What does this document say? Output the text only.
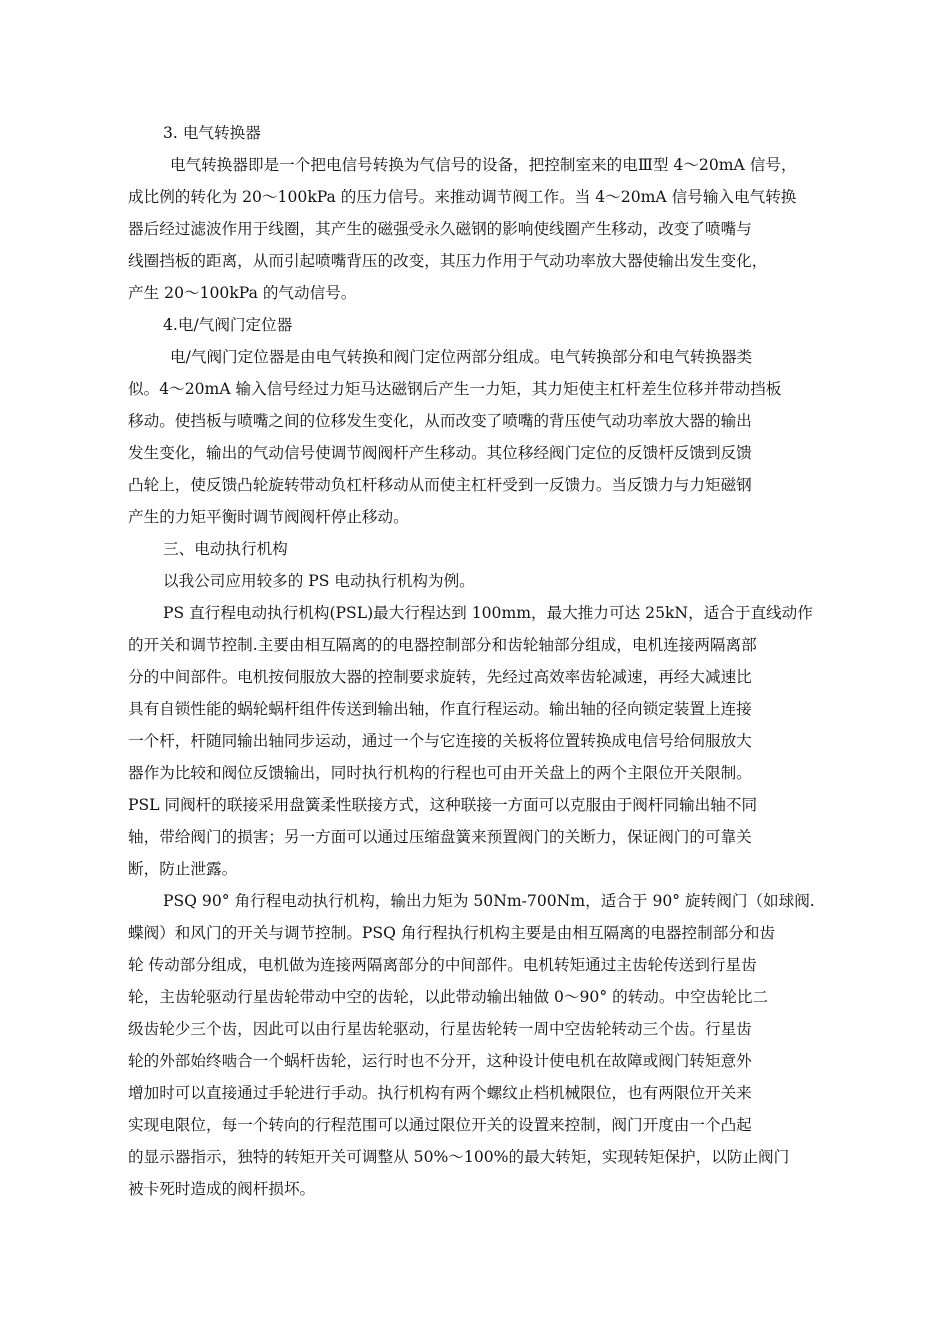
3. 电气转换器
电气转换器即是一个把电信号转换为气信号的设备，把控制室来的电Ⅲ型 4～20mA 信号，
成比例的转化为 20～100kPa 的压力信号。来推动调节阀工作。当 4～20mA 信号输入电气转换
器后经过滤波作用于线圈，其产生的磁强受永久磁钢的影响使线圈产生移动，改变了喷嘴与
线圈挡板的距离，从而引起喷嘴背压的改变，其压力作用于气动功率放大器使输出发生变化，
产生 20～100kPa 的气动信号。
4.电/气阀门定位器
电/气阀门定位器是由电气转换和阀门定位两部分组成。电气转换部分和电气转换器类
似。4～20mA 输入信号经过力矩马达磁钢后产生一力矩，其力矩使主杠杆差生位移并带动挡板
移动。使挡板与喷嘴之间的位移发生变化，从而改变了喷嘴的背压使气动功率放大器的输出
发生变化，输出的气动信号使调节阀阀杆产生移动。其位移经阀门定位的反馈杆反馈到反馈
凸轮上，使反馈凸轮旋转带动负杠杆移动从而使主杠杆受到一反馈力。当反馈力与力矩磁钢
产生的力矩平衡时调节阀阀杆停止移动。
三、电动执行机构
以我公司应用较多的 PS 电动执行机构为例。
PS 直行程电动执行机构(PSL)最大行程达到 100mm，最大推力可达 25kN，适合于直线动作
的开关和调节控制.主要由相互隔离的的电器控制部分和齿轮轴部分组成，电机连接两隔离部
分的中间部件。电机按伺服放大器的控制要求旋转，先经过高效率齿轮减速，再经大减速比
具有自锁性能的蜗轮蜗杆组件传送到输出轴，作直行程运动。输出轴的径向锁定装置上连接
一个杆，杆随同输出轴同步运动，通过一个与它连接的关板将位置转换成电信号给伺服放大
器作为比较和阀位反馈输出，同时执行机构的行程也可由开关盘上的两个主限位开关限制。
PSL 同阀杆的联接采用盘簧柔性联接方式，这种联接一方面可以克服由于阀杆同输出轴不同
轴，带给阀门的损害；另一方面可以通过压缩盘簧来预置阀门的关断力，保证阀门的可靠关
断，防止泄露。
PSQ 90° 角行程电动执行机构，输出力矩为 50Nm-700Nm，适合于 90° 旋转阀门（如球阀.
蝶阀）和风门的开关与调节控制。PSQ 角行程执行机构主要是由相互隔离的电器控制部分和齿
轮 传动部分组成，电机做为连接两隔离部分的中间部件。电机转矩通过主齿轮传送到行星齿
轮，主齿轮驱动行星齿轮带动中空的齿轮，以此带动输出轴做 0～90° 的转动。中空齿轮比二
级齿轮少三个齿，因此可以由行星齿轮驱动，行星齿轮转一周中空齿轮转动三个齿。行星齿
轮的外部始终啮合一个蜗杆齿轮，运行时也不分开，这种设计使电机在故障或阀门转矩意外
增加时可以直接通过手轮进行手动。执行机构有两个螺纹止档机械限位，也有两限位开关来
实现电限位，每一个转向的行程范围可以通过限位开关的设置来控制，阀门开度由一个凸起
的显示器指示，独特的转矩开关可调整从 50%～100%的最大转矩，实现转矩保护，以防止阀门
被卡死时造成的阀杆损坏。
